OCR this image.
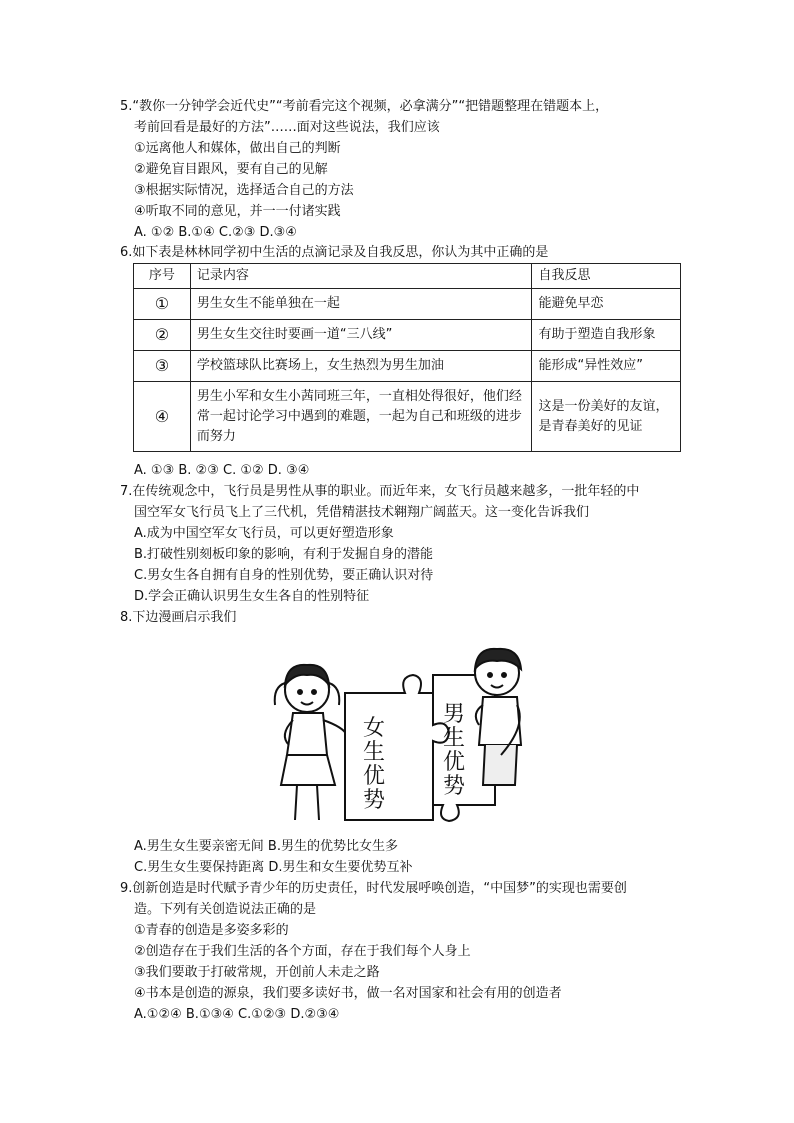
5.“教你一分钟学会近代史”“考前看完这个视频，必拿满分”“把错题整理在错题本上，
考前回看是最好的方法”……面对这些说法，我们应该
①远离他人和媒体，做出自己的判断
②避免盲目跟风，要有自己的见解
③根据实际情况，选择适合自己的方法
④听取不同的意见，并一一付诸实践
A. ①② B.①④ C.②③ D.③④
6.如下表是林林同学初中生活的点滴记录及自我反思，你认为其中正确的是
序号	记录内容	自我反思
①	男生女生不能单独在一起	能避免早恋
②	男生女生交往时要画一道“三八线”	有助于塑造自我形象
③	学校篮球队比赛场上，女生热烈为男生加油	能形成“异性效应”
④	男生小军和女生小茜同班三年，一直相处得很好，他们经常一起讨论学习中遇到的难题，一起为自己和班级的进步而努力	这是一份美好的友谊，是青春美好的见证
A. ①③ B. ②③ C. ①② D. ③④
7.在传统观念中，飞行员是男性从事的职业。而近年来，女飞行员越来越多，一批年轻的中
国空军女飞行员飞上了三代机，凭借精湛技术翱翔广阔蓝天。这一变化告诉我们
A.成为中国空军女飞行员，可以更好塑造形象
B.打破性别刻板印象的影响，有利于发掘自身的潜能
C.男女生各自拥有自身的性别优势，要正确认识对待
D.学会正确认识男生女生各自的性别特征
8.下边漫画启示我们
女
生
优
势
男
生
优
势
A.男生女生要亲密无间 B.男生的优势比女生多
C.男生女生要保持距离 D.男生和女生要优势互补
9.创新创造是时代赋予青少年的历史责任，时代发展呼唤创造，“中国梦”的实现也需要创
造。下列有关创造说法正确的是
①青春的创造是多姿多彩的
②创造存在于我们生活的各个方面，存在于我们每个人身上
③我们要敢于打破常规，开创前人未走之路
④书本是创造的源泉，我们要多读好书，做一名对国家和社会有用的创造者
A.①②④ B.①③④ C.①②③ D.②③④
